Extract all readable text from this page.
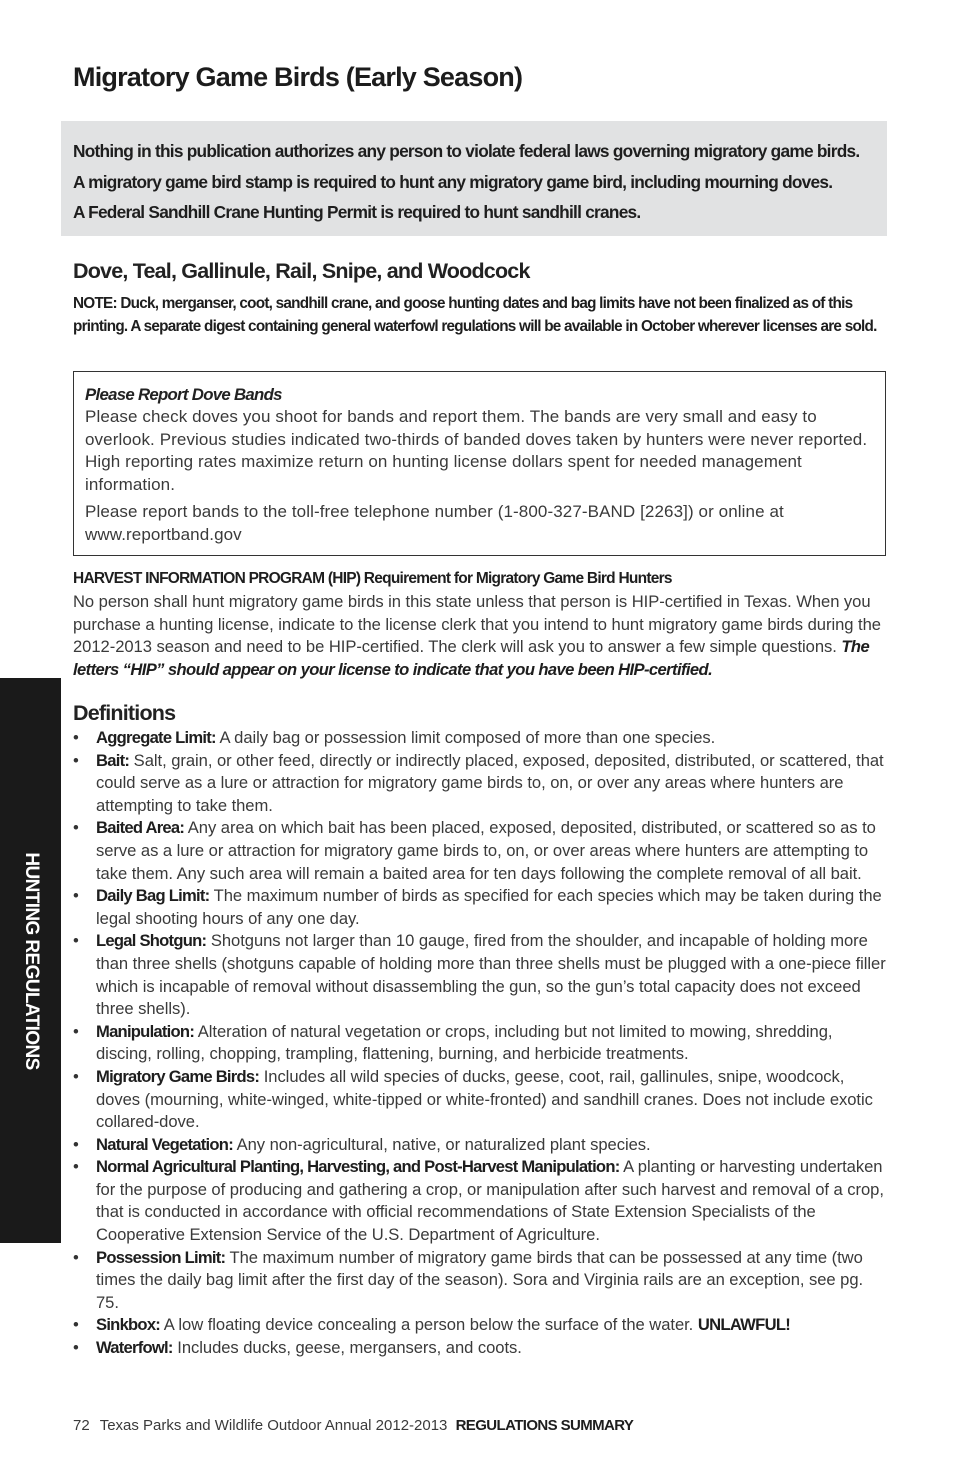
Migratory Game Birds (Early Season)
Nothing in this publication authorizes any person to violate federal laws governing migratory game birds.
A migratory game bird stamp is required to hunt any migratory game bird, including mourning doves.
A Federal Sandhill Crane Hunting Permit is required to hunt sandhill cranes.
Dove, Teal, Gallinule, Rail, Snipe, and Woodcock
NOTE: Duck, merganser, coot, sandhill crane, and goose hunting dates and bag limits have not been finalized as of this printing. A separate digest containing general waterfowl regulations will be available in October wherever licenses are sold.
Please Report Dove Bands
Please check doves you shoot for bands and report them. The bands are very small and easy to overlook. Previous studies indicated two-thirds of banded doves taken by hunters were never reported. High reporting rates maximize return on hunting license dollars spent for needed management information.
Please report bands to the toll-free telephone number (1-800-327-BAND [2263]) or online at www.reportband.gov
HARVEST INFORMATION PROGRAM (HIP) Requirement for Migratory Game Bird Hunters
No person shall hunt migratory game birds in this state unless that person is HIP-certified in Texas. When you purchase a hunting license, indicate to the license clerk that you intend to hunt migratory game birds during the 2012-2013 season and need to be HIP-certified. The clerk will ask you to answer a few simple questions. The letters “HIP” should appear on your license to indicate that you have been HIP-certified.
Definitions
• Aggregate Limit: A daily bag or possession limit composed of more than one species.
• Bait: Salt, grain, or other feed, directly or indirectly placed, exposed, deposited, distributed, or scattered, that could serve as a lure or attraction for migratory game birds to, on, or over any areas where hunters are attempting to take them.
• Baited Area: Any area on which bait has been placed, exposed, deposited, distributed, or scattered so as to serve as a lure or attraction for migratory game birds to, on, or over areas where hunters are attempting to take them. Any such area will remain a baited area for ten days following the complete removal of all bait.
• Daily Bag Limit: The maximum number of birds as specified for each species which may be taken during the legal shooting hours of any one day.
• Legal Shotgun: Shotguns not larger than 10 gauge, fired from the shoulder, and incapable of holding more than three shells (shotguns capable of holding more than three shells must be plugged with a one-piece filler which is incapable of removal without disassembling the gun, so the gun’s total capacity does not exceed three shells).
• Manipulation: Alteration of natural vegetation or crops, including but not limited to mowing, shredding, discing, rolling, chopping, trampling, flattening, burning, and herbicide treatments.
• Migratory Game Birds: Includes all wild species of ducks, geese, coot, rail, gallinules, snipe, woodcock, doves (mourning, white-winged, white-tipped or white-fronted) and sandhill cranes. Does not include exotic collared-dove.
• Natural Vegetation: Any non-agricultural, native, or naturalized plant species.
• Normal Agricultural Planting, Harvesting, and Post-Harvest Manipulation: A planting or harvesting undertaken for the purpose of producing and gathering a crop, or manipulation after such harvest and removal of a crop, that is conducted in accordance with official recommendations of State Extension Specialists of the Cooperative Extension Service of the U.S. Department of Agriculture.
• Possession Limit: The maximum number of migratory game birds that can be possessed at any time (two times the daily bag limit after the first day of the season). Sora and Virginia rails are an exception, see pg. 75.
• Sinkbox: A low floating device concealing a person below the surface of the water. UNLAWFUL!
• Waterfowl: Includes ducks, geese, mergansers, and coots.
HUNTING REGULATIONS
72 Texas Parks and Wildlife Outdoor Annual 2012-2013 REGULATIONS SUMMARY
